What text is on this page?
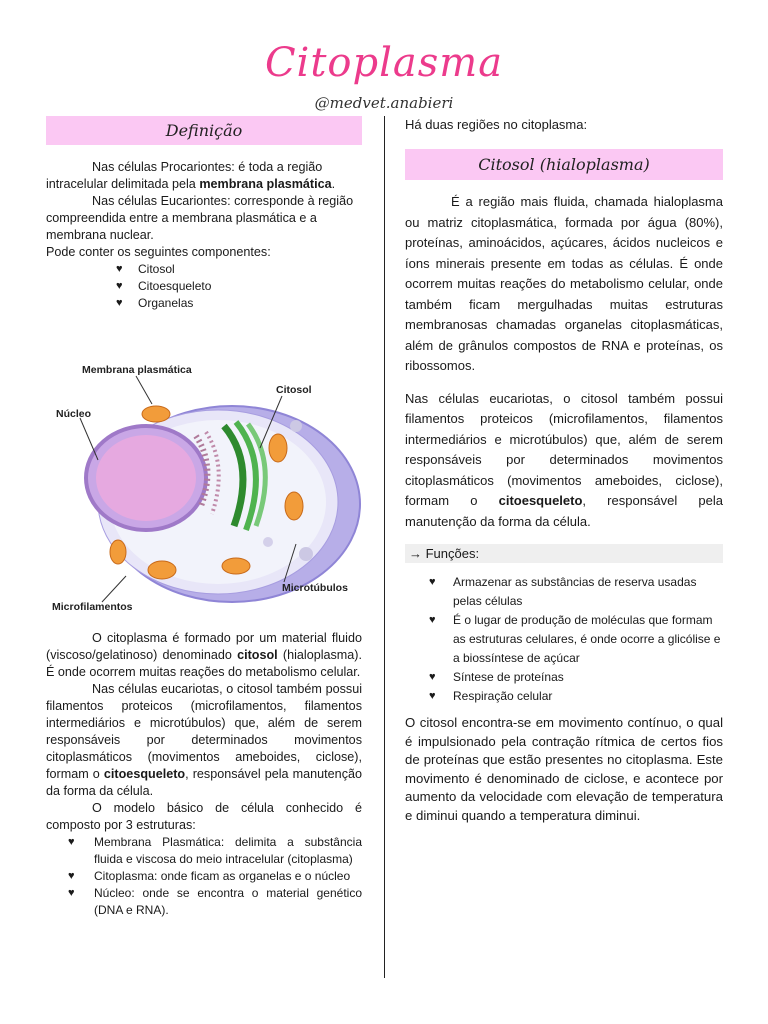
Citoplasma
@medvet.anabieri
Definição

Nas células Procariontes: é toda a região intracelular delimitada pela membrana plasmática.

Nas células Eucariontes: corresponde à região compreendida entre a membrana plasmática e a membrana nuclear.

Pode conter os seguintes componentes:

♥ Citosol
♥ Citoesqueleto
♥ Organelas
Membrana plasmática
Citosol
Núcleo
Microtúbulos
Microfilamentos

O citoplasma é formado por um material fluido (viscoso/gelatinoso) denominado citosol (hialoplasma). É onde ocorrem muitas reações do metabolismo celular.

Nas células eucariotas, o citosol também possui filamentos proteicos (microfilamentos, filamentos intermediários e microtúbulos) que, além de serem responsáveis por determinados movimentos citoplasmáticos (movimentos ameboides, ciclose), formam o citoesqueleto, responsável pela manutenção da forma da célula.

O modelo básico de célula conhecido é composto por 3 estruturas:

♥ Membrana Plasmática: delimita a substância fluida e viscosa do meio intracelular (citoplasma)
♥ Citoplasma: onde ficam as organelas e o núcleo
♥ Núcleo: onde se encontra o material genético (DNA e RNA).

Há duas regiões no citoplasma:

Citosol (hialoplasma)

É a região mais fluida, chamada hialoplasma ou matriz citoplasmática, formada por água (80%), proteínas, aminoácidos, açúcares, ácidos nucleicos e íons minerais presente em todas as células. É onde ocorrem muitas reações do metabolismo celular, onde também ficam mergulhadas muitas estruturas membranosas chamadas organelas citoplasmáticas, além de grânulos compostos de RNA e proteínas, os ribossomos.

Nas células eucariotas, o citosol também possui filamentos proteicos (microfilamentos, filamentos intermediários e microtúbulos) que, além de serem responsáveis por determinados movimentos citoplasmáticos (movimentos ameboides, ciclose), formam o citoesqueleto, responsável pela manutenção da forma da célula.

→ Funções:
♥ Armazenar as substâncias de reserva usadas pelas células
♥ É o lugar de produção de moléculas que formam as estruturas celulares, é onde ocorre a glicólise e a biossíntese de açúcar
♥ Síntese de proteínas
♥ Respiração celular

O citosol encontra-se em movimento contínuo, o qual é impulsionado pela contração rítmica de certos fios de proteínas que estão presentes no citoplasma. Este movimento é denominado de ciclose, e acontece por aumento da velocidade com elevação de temperatura e diminui quando a temperatura diminui.
